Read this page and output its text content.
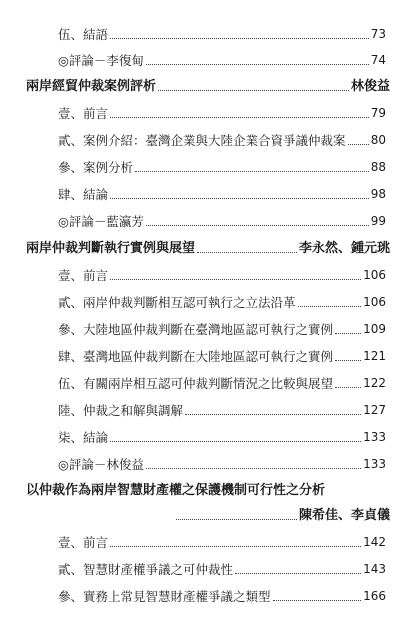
伍、結語	73
◎評論－李復甸	74
兩岸經貿仲裁案例評析	林俊益
壹、前言	79
貳、案例介紹：臺灣企業與大陸企業合資爭議仲裁案 80
參、案例分析	88
肆、結論	98
◎評論－藍瀛芳	99
兩岸仲裁判斷執行實例與展望	李永然、鍾元珧
壹、前言	106
貳、兩岸仲裁判斷相互認可執行之立法沿革	106
參、大陸地區仲裁判斷在臺灣地區認可執行之實例	109
肆、臺灣地區仲裁判斷在大陸地區認可執行之實例	121
伍、有關兩岸相互認可仲裁判斷情況之比較與展望	122
陸、仲裁之和解與調解	127
柒、結論	133
◎評論－林俊益	133
以仲裁作為兩岸智慧財產權之保護機制可行性之分析
陳希佳、李貞儀
壹、前言	142
貳、智慧財產權爭議之可仲裁性	143
參、實務上常見智慧財產權爭議之類型	166
